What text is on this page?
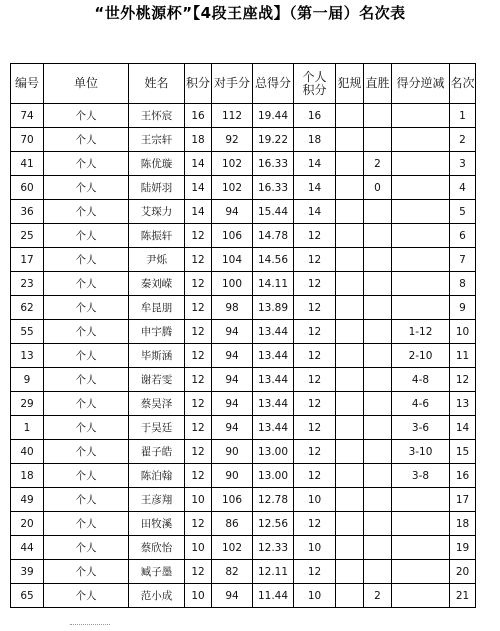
“世外桃源杯”【4段王座战】（第一届）名次表
编号	单位	姓名	积分	对手分	总得分	个人积分	犯规	直胜	得分逆减	名次
74	个人	王怀宸	16	112	19.44	16				1
70	个人	王宗轩	18	92	19.22	18				2
41	个人	陈优璇	14	102	16.33	14		2		3
60	个人	陆妍羽	14	102	16.33	14		0		4
36	个人	艾琛力	14	94	15.44	14				5
25	个人	陈振轩	12	106	14.78	12				6
17	个人	尹烁	12	104	14.56	12				7
23	个人	秦刘嵘	12	100	14.11	12				8
62	个人	牟昆朋	12	98	13.89	12				9
55	个人	申宇腾	12	94	13.44	12			1-12	10
13	个人	毕斯涵	12	94	13.44	12			2-10	11
9	个人	谢若雯	12	94	13.44	12			4-8	12
29	个人	蔡昊泽	12	94	13.44	12			4-6	13
1	个人	于昊廷	12	94	13.44	12			3-6	14
40	个人	翟子皓	12	90	13.00	12			3-10	15
18	个人	陈泊翰	12	90	13.00	12			3-8	16
49	个人	王彦翔	10	106	12.78	10				17
20	个人	田牧溪	12	86	12.56	12				18
44	个人	蔡欣怡	10	102	12.33	10				19
39	个人	臧子墨	12	82	12.11	12				20
65	个人	范小成	10	94	11.44	10		2		21
